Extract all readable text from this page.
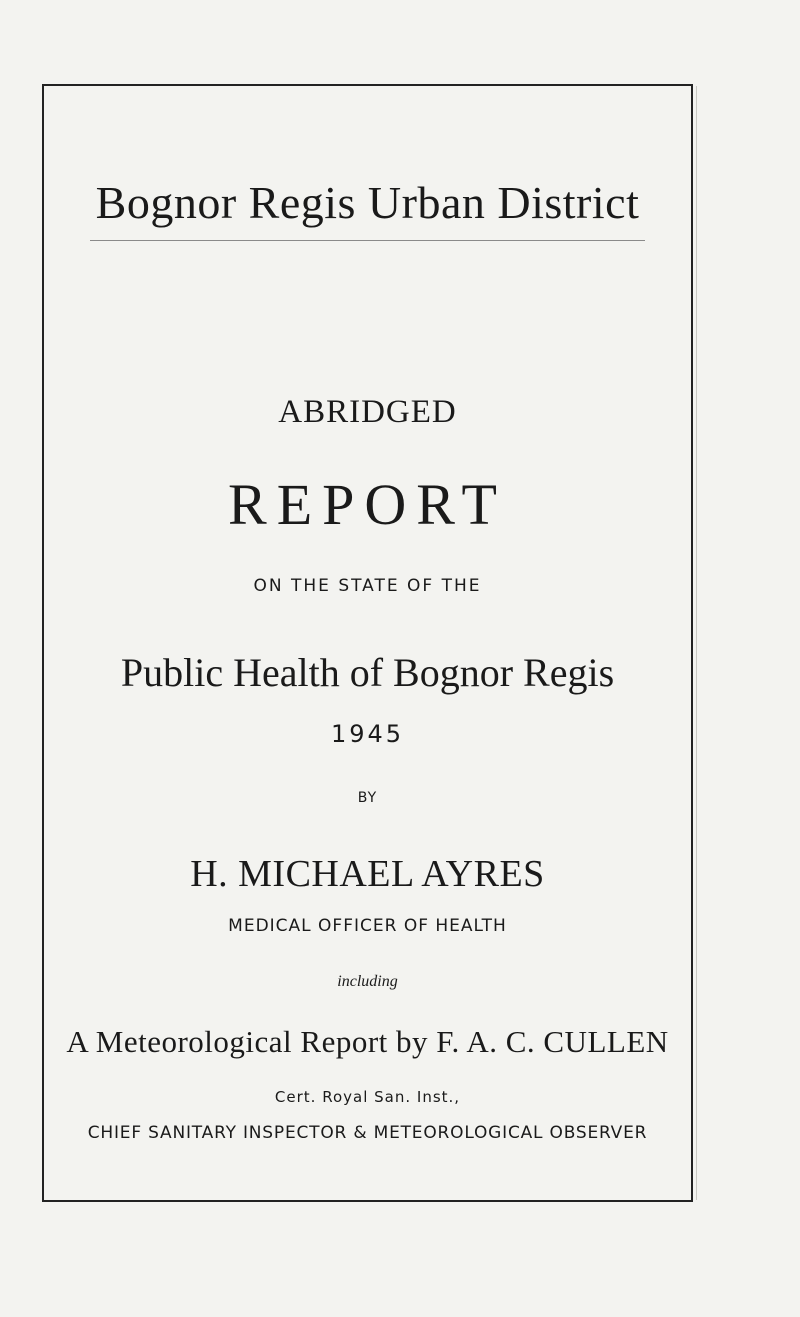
Bognor Regis Urban District
ABRIDGED
REPORT
ON THE STATE OF THE
Public Health of Bognor Regis
1945
BY
H. MICHAEL AYRES
MEDICAL OFFICER OF HEALTH
including
A Meteorological Report by F. A. C. CULLEN
Cert. Royal San. Inst.,
CHIEF SANITARY INSPECTOR & METEOROLOGICAL OBSERVER
